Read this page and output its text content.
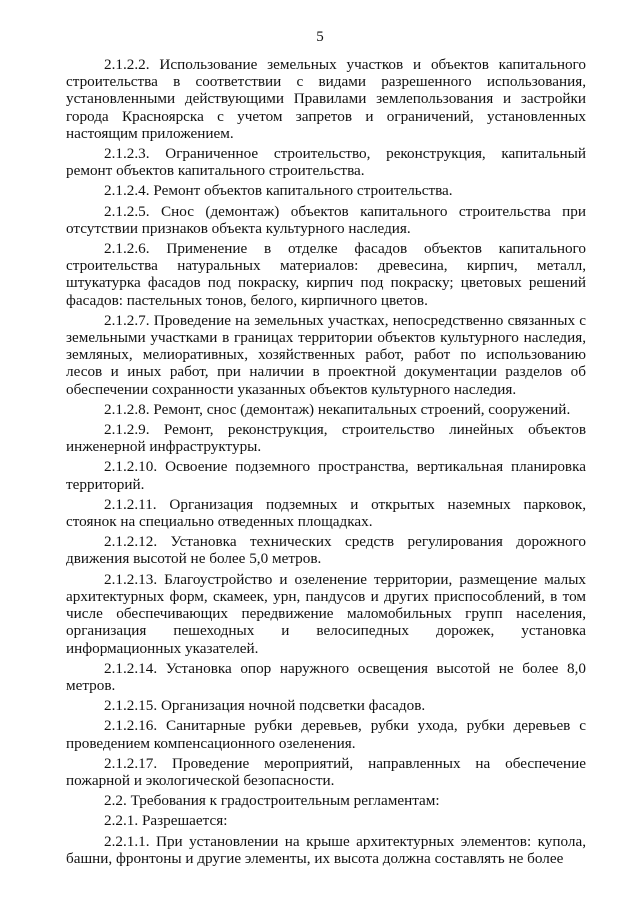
5

2.1.2.2. Использование земельных участков и объектов капитального строительства в соответствии с видами разрешенного использования, установленными действующими Правилами землепользования и застройки города Красноярска с учетом запретов и ограничений, установленных настоящим приложением.

2.1.2.3. Ограниченное строительство, реконструкция, капитальный ремонт объектов капитального строительства.

2.1.2.4. Ремонт объектов капитального строительства.

2.1.2.5. Снос (демонтаж) объектов капитального строительства при отсутствии признаков объекта культурного наследия.

2.1.2.6. Применение в отделке фасадов объектов капитального строительства натуральных материалов: древесина, кирпич, металл, штукатурка фасадов под покраску, кирпич под покраску; цветовых решений фасадов: пастельных тонов, белого, кирпичного цветов.

2.1.2.7. Проведение на земельных участках, непосредственно связанных с земельными участками в границах территории объектов культурного наследия, земляных, мелиоративных, хозяйственных работ, работ по использованию лесов и иных работ, при наличии в проектной документации разделов об обеспечении сохранности указанных объектов культурного наследия.

2.1.2.8. Ремонт, снос (демонтаж) некапитальных строений, сооружений.

2.1.2.9. Ремонт, реконструкция, строительство линейных объектов инженерной инфраструктуры.

2.1.2.10. Освоение подземного пространства, вертикальная планировка территорий.

2.1.2.11. Организация подземных и открытых наземных парковок, стоянок на специально отведенных площадках.

2.1.2.12. Установка технических средств регулирования дорожного движения высотой не более 5,0 метров.

2.1.2.13. Благоустройство и озеленение территории, размещение малых архитектурных форм, скамеек, урн, пандусов и других приспособлений, в том числе обеспечивающих передвижение маломобильных групп населения, организация пешеходных и велосипедных дорожек, установка информационных указателей.

2.1.2.14. Установка опор наружного освещения высотой не более 8,0 метров.

2.1.2.15. Организация ночной подсветки фасадов.

2.1.2.16. Санитарные рубки деревьев, рубки ухода, рубки деревьев с проведением компенсационного озеленения.

2.1.2.17. Проведение мероприятий, направленных на обеспечение пожарной и экологической безопасности.

2.2. Требования к градостроительным регламентам:

2.2.1. Разрешается:

2.2.1.1. При установлении на крыше архитектурных элементов: купола, башни, фронтоны и другие элементы, их высота должна составлять не более
